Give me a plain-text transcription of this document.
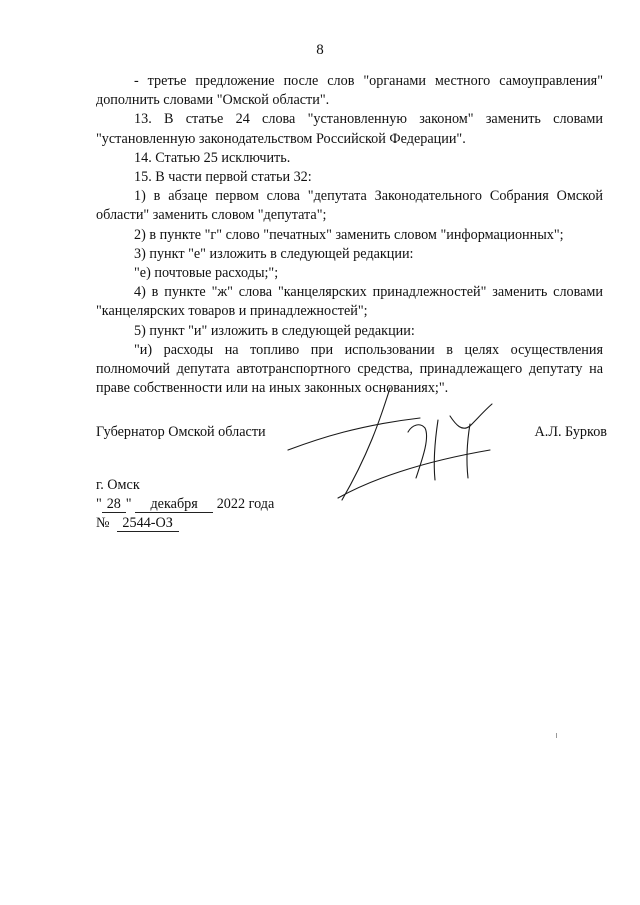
8

- третье предложение после слов "органами местного самоуправления" дополнить словами "Омской области".

13. В статье 24 слова "установленную законом" заменить словами "установленную законодательством Российской Федерации".

14. Статью 25 исключить.

15. В части первой статьи 32:

1) в абзаце первом слова "депутата Законодательного Собрания Омской области" заменить словом "депутата";

2) в пункте "г" слово "печатных" заменить словом "информационных";

3) пункт "е" изложить в следующей редакции:

"е) почтовые расходы;";

4) в пункте "ж" слова "канцелярских принадлежностей" заменить словами "канцелярских товаров и принадлежностей";

5) пункт "и" изложить в следующей редакции:

"и) расходы на топливо при использовании в целях осуществления полномочий депутата автотранспортного средства, принадлежащего депутату на праве собственности или на иных законных основаниях;".

Губернатор Омской области	А.Л. Бурков
г. Омск
" 28 " декабря 2022 года
№ 2544-ОЗ
